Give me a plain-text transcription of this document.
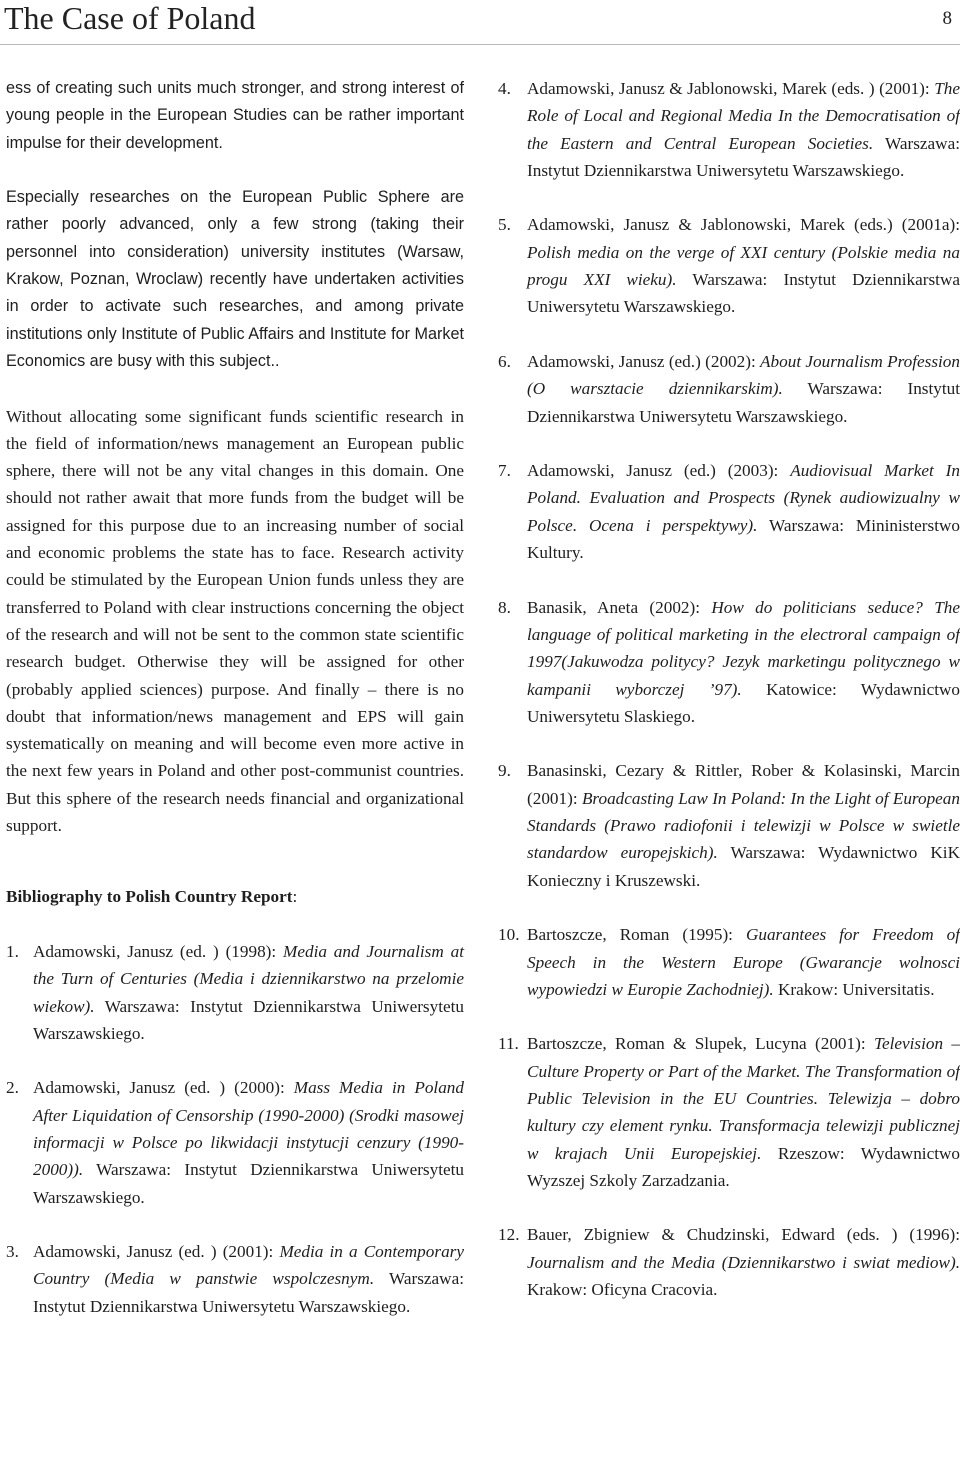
The Case of Poland	8

ess of creating such units much stronger, and strong interest of young people in the European Studies can be rather important impulse for their development.

Especially researches on the European Public Sphere are rather poorly advanced, only a few strong (taking their personnel into consideration) university institutes (Warsaw, Krakow, Poznan, Wroclaw) recently have undertaken activities in order to activate such researches, and among private institutions only Institute of Public Affairs and Institute for Market Economics are busy with this subject..

Without allocating some significant funds scientific research in the field of information/news management an European public sphere, there will not be any vital changes in this domain. One should not rather await that more funds from the budget will be assigned for this purpose due to an increasing number of social and economic problems the state has to face. Research activity could be stimulated by the European Union funds unless they are transferred to Poland with clear instructions concerning the object of the research and will not be sent to the common state scientific research budget. Otherwise they will be assigned for other (probably applied sciences) purpose. And finally – there is no doubt that information/news management and EPS will gain systematically on meaning and will become even more active in the next few years in Poland and other post-communist countries. But this sphere of the research needs financial and organizational support.

Bibliography to Polish Country Report:
1. Adamowski, Janusz (ed. ) (1998): Media and Journalism at the Turn of Centuries (Media i dziennikarstwo na przelomie wiekow). Warszawa: Instytut Dziennikarstwa Uniwersytetu Warszawskiego.
2. Adamowski, Janusz (ed. ) (2000): Mass Media in Poland After Liquidation of Censorship (1990-2000) (Srodki masowej informacji w Polsce po likwidacji instytucji cenzury (1990-2000)). Warszawa: Instytut Dziennikarstwa Uniwersytetu Warszawskiego.
3. Adamowski, Janusz (ed. ) (2001): Media in a Contemporary Country (Media w panstwie wspolczesnym. Warszawa: Instytut Dziennikarstwa Uniwersytetu Warszawskiego.
4. Adamowski, Janusz & Jablonowski, Marek (eds. ) (2001): The Role of Local and Regional Media In the Democratisation of the Eastern and Central European Societies. Warszawa: Instytut Dziennikarstwa Uniwersytetu Warszawskiego.
5. Adamowski, Janusz & Jablonowski, Marek (eds.) (2001a): Polish media on the verge of XXI century (Polskie media na progu XXI wieku). Warszawa: Instytut Dziennikarstwa Uniwersytetu Warszawskiego.
6. Adamowski, Janusz (ed.) (2002): About Journalism Profession (O warsztacie dziennikarskim). Warszawa: Instytut Dziennikarstwa Uniwersytetu Warszawskiego.
7. Adamowski, Janusz (ed.) (2003): Audiovisual Market In Poland. Evaluation and Prospects (Rynek audiowizualny w Polsce. Ocena i perspektywy). Warszawa: Mininisterstwo Kultury.
8. Banasik, Aneta (2002): How do politicians seduce? The language of political marketing in the electroral campaign of 1997(Jakuwodza politycy? Jezyk marketingu politycznego w kampanii wyborczej ’97). Katowice: Wydawnictwo Uniwersytetu Slaskiego.
9. Banasinski, Cezary & Rittler, Rober & Kolasinski, Marcin (2001): Broadcasting Law In Poland: In the Light of European Standards (Prawo radiofonii i telewizji w Polsce w swietle standardow europejskich). Warszawa: Wydawnictwo KiK Konieczny i Kruszewski.
10. Bartoszcze, Roman (1995): Guarantees for Freedom of Speech in the Western Europe (Gwarancje wolnosci wypowiedzi w Europie Zachodniej). Krakow: Universitatis.
11. Bartoszcze, Roman & Slupek, Lucyna (2001): Television – Culture Property or Part of the Market. The Transformation of Public Television in the EU Countries. Telewizja – dobro kultury czy element rynku. Transformacja telewizji publicznej w krajach Unii Europejskiej. Rzeszow: Wydawnictwo Wyzszej Szkoly Zarzadzania.
12. Bauer, Zbigniew & Chudzinski, Edward (eds. ) (1996): Journalism and the Media (Dziennikarstwo i swiat mediow). Krakow: Oficyna Cracovia.
